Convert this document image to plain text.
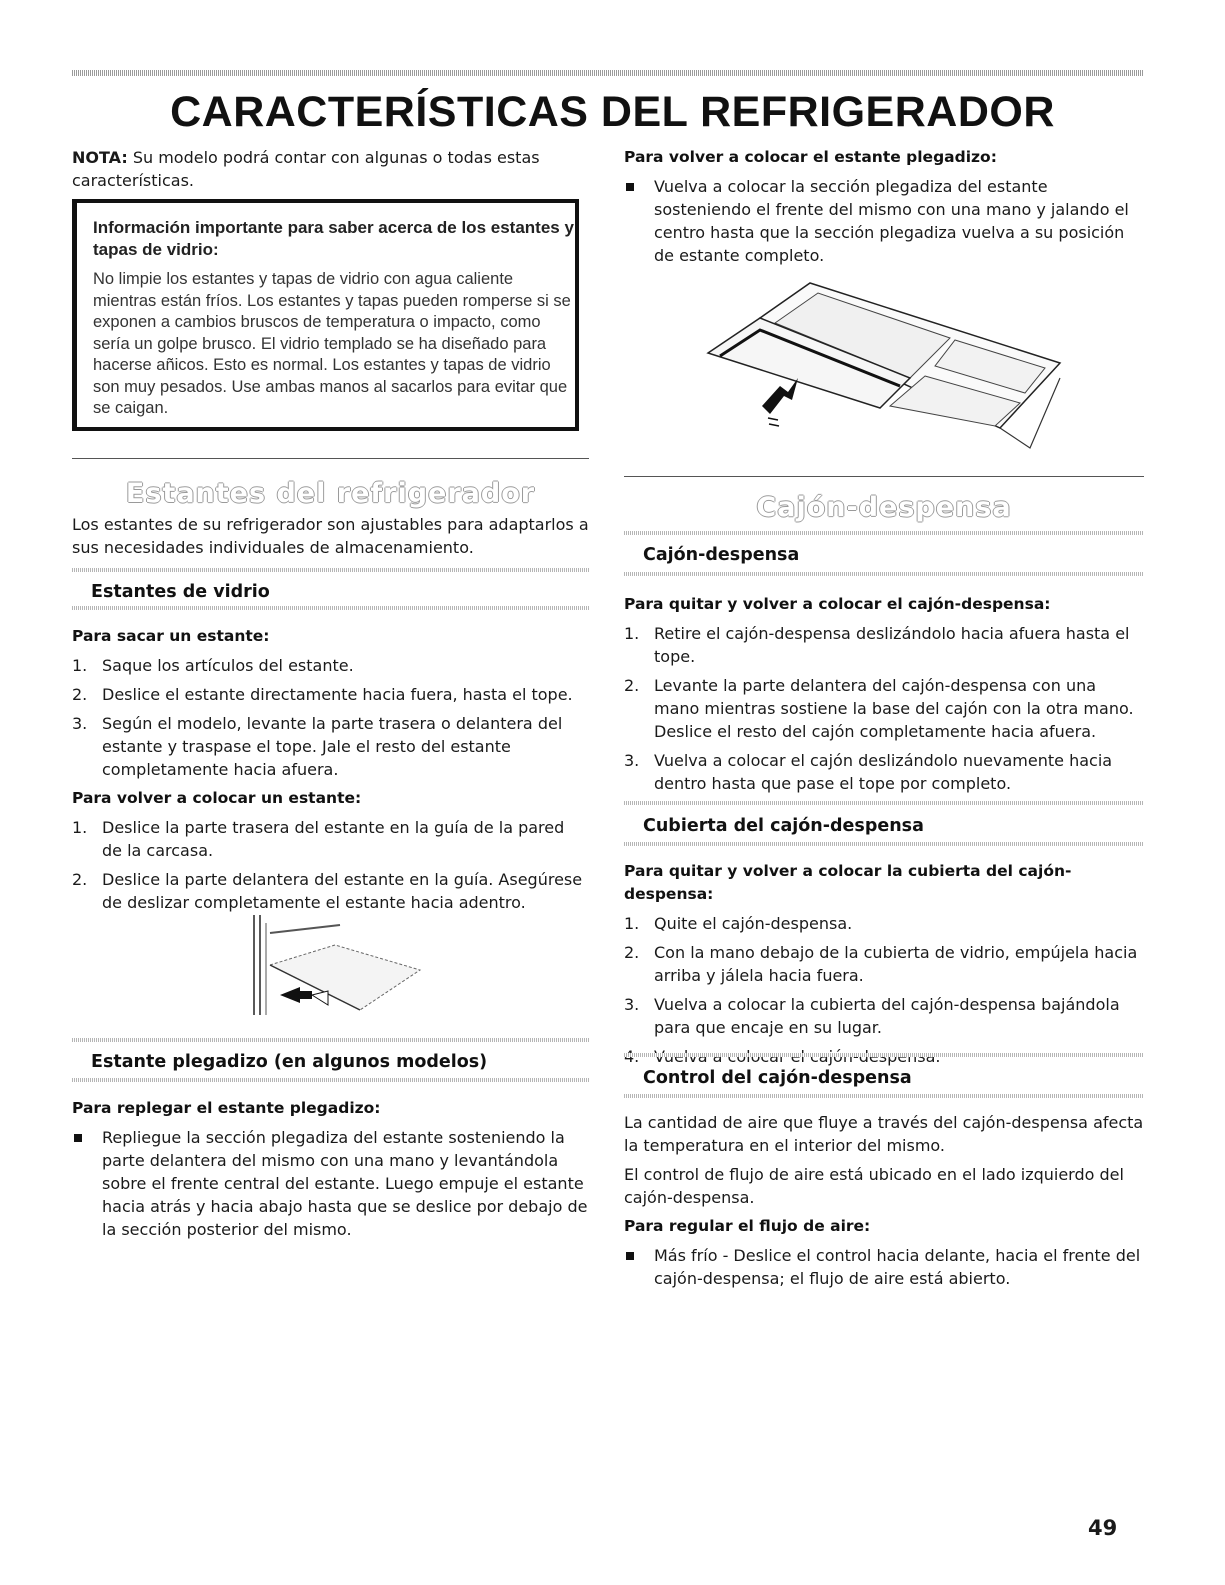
CARACTERÍSTICAS DEL REFRIGERADOR

NOTA: Su modelo podrá contar con algunas o todas estas características.

Información importante para saber acerca de los estantes y tapas de vidrio:

No limpie los estantes y tapas de vidrio con agua caliente mientras están fríos. Los estantes y tapas pueden romperse si se exponen a cambios bruscos de temperatura o impacto, como sería un golpe brusco. El vidrio templado se ha diseñado para hacerse añicos. Esto es normal. Los estantes y tapas de vidrio son muy pesados. Use ambas manos al sacarlos para evitar que se caigan.

Estantes del refrigerador

Los estantes de su refrigerador son ajustables para adaptarlos a sus necesidades individuales de almacenamiento.

Estantes de vidrio

Para sacar un estante:

1. Saque los artículos del estante.
2. Deslice el estante directamente hacia fuera, hasta el tope.
3. Según el modelo, levante la parte trasera o delantera del estante y traspase el tope. Jale el resto del estante completamente hacia afuera.

Para volver a colocar un estante:

1. Deslice la parte trasera del estante en la guía de la pared de la carcasa.
2. Deslice la parte delantera del estante en la guía. Asegúrese de deslizar completamente el estante hacia adentro.
Estante plegadizo (en algunos modelos)

Para replegar el estante plegadizo:

Repliegue la sección plegadiza del estante sosteniendo la parte delantera del mismo con una mano y levantándola sobre el frente central del estante. Luego empuje el estante hacia atrás y hacia abajo hasta que se deslice por debajo de la sección posterior del mismo.

Para volver a colocar el estante plegadizo:

Vuelva a colocar la sección plegadiza del estante sosteniendo el frente del mismo con una mano y jalando el centro hasta que la sección plegadiza vuelva a su posición de estante completo.
Cajón-despensa
Cajón-despensa

Para quitar y volver a colocar el cajón-despensa:

1. Retire el cajón-despensa deslizándolo hacia afuera hasta el tope.
2. Levante la parte delantera del cajón-despensa con una mano mientras sostiene la base del cajón con la otra mano. Deslice el resto del cajón completamente hacia afuera.
3. Vuelva a colocar el cajón deslizándolo nuevamente hacia dentro hasta que pase el tope por completo.
Cubierta del cajón-despensa

Para quitar y volver a colocar la cubierta del cajón-despensa:

1. Quite el cajón-despensa.
2. Con la mano debajo de la cubierta de vidrio, empújela hacia arriba y jálela hacia fuera.
3. Vuelva a colocar la cubierta del cajón-despensa bajándola para que encaje en su lugar.
Control del cajón-despensa

La cantidad de aire que fluye a través del cajón-despensa afecta la temperatura en el interior del mismo.

El control de flujo de aire está ubicado en el lado izquierdo del cajón-despensa.

Para regular el flujo de aire:

Más frío - Deslice el control hacia delante, hacia el frente del cajón-despensa; el flujo de aire está abierto.

49
